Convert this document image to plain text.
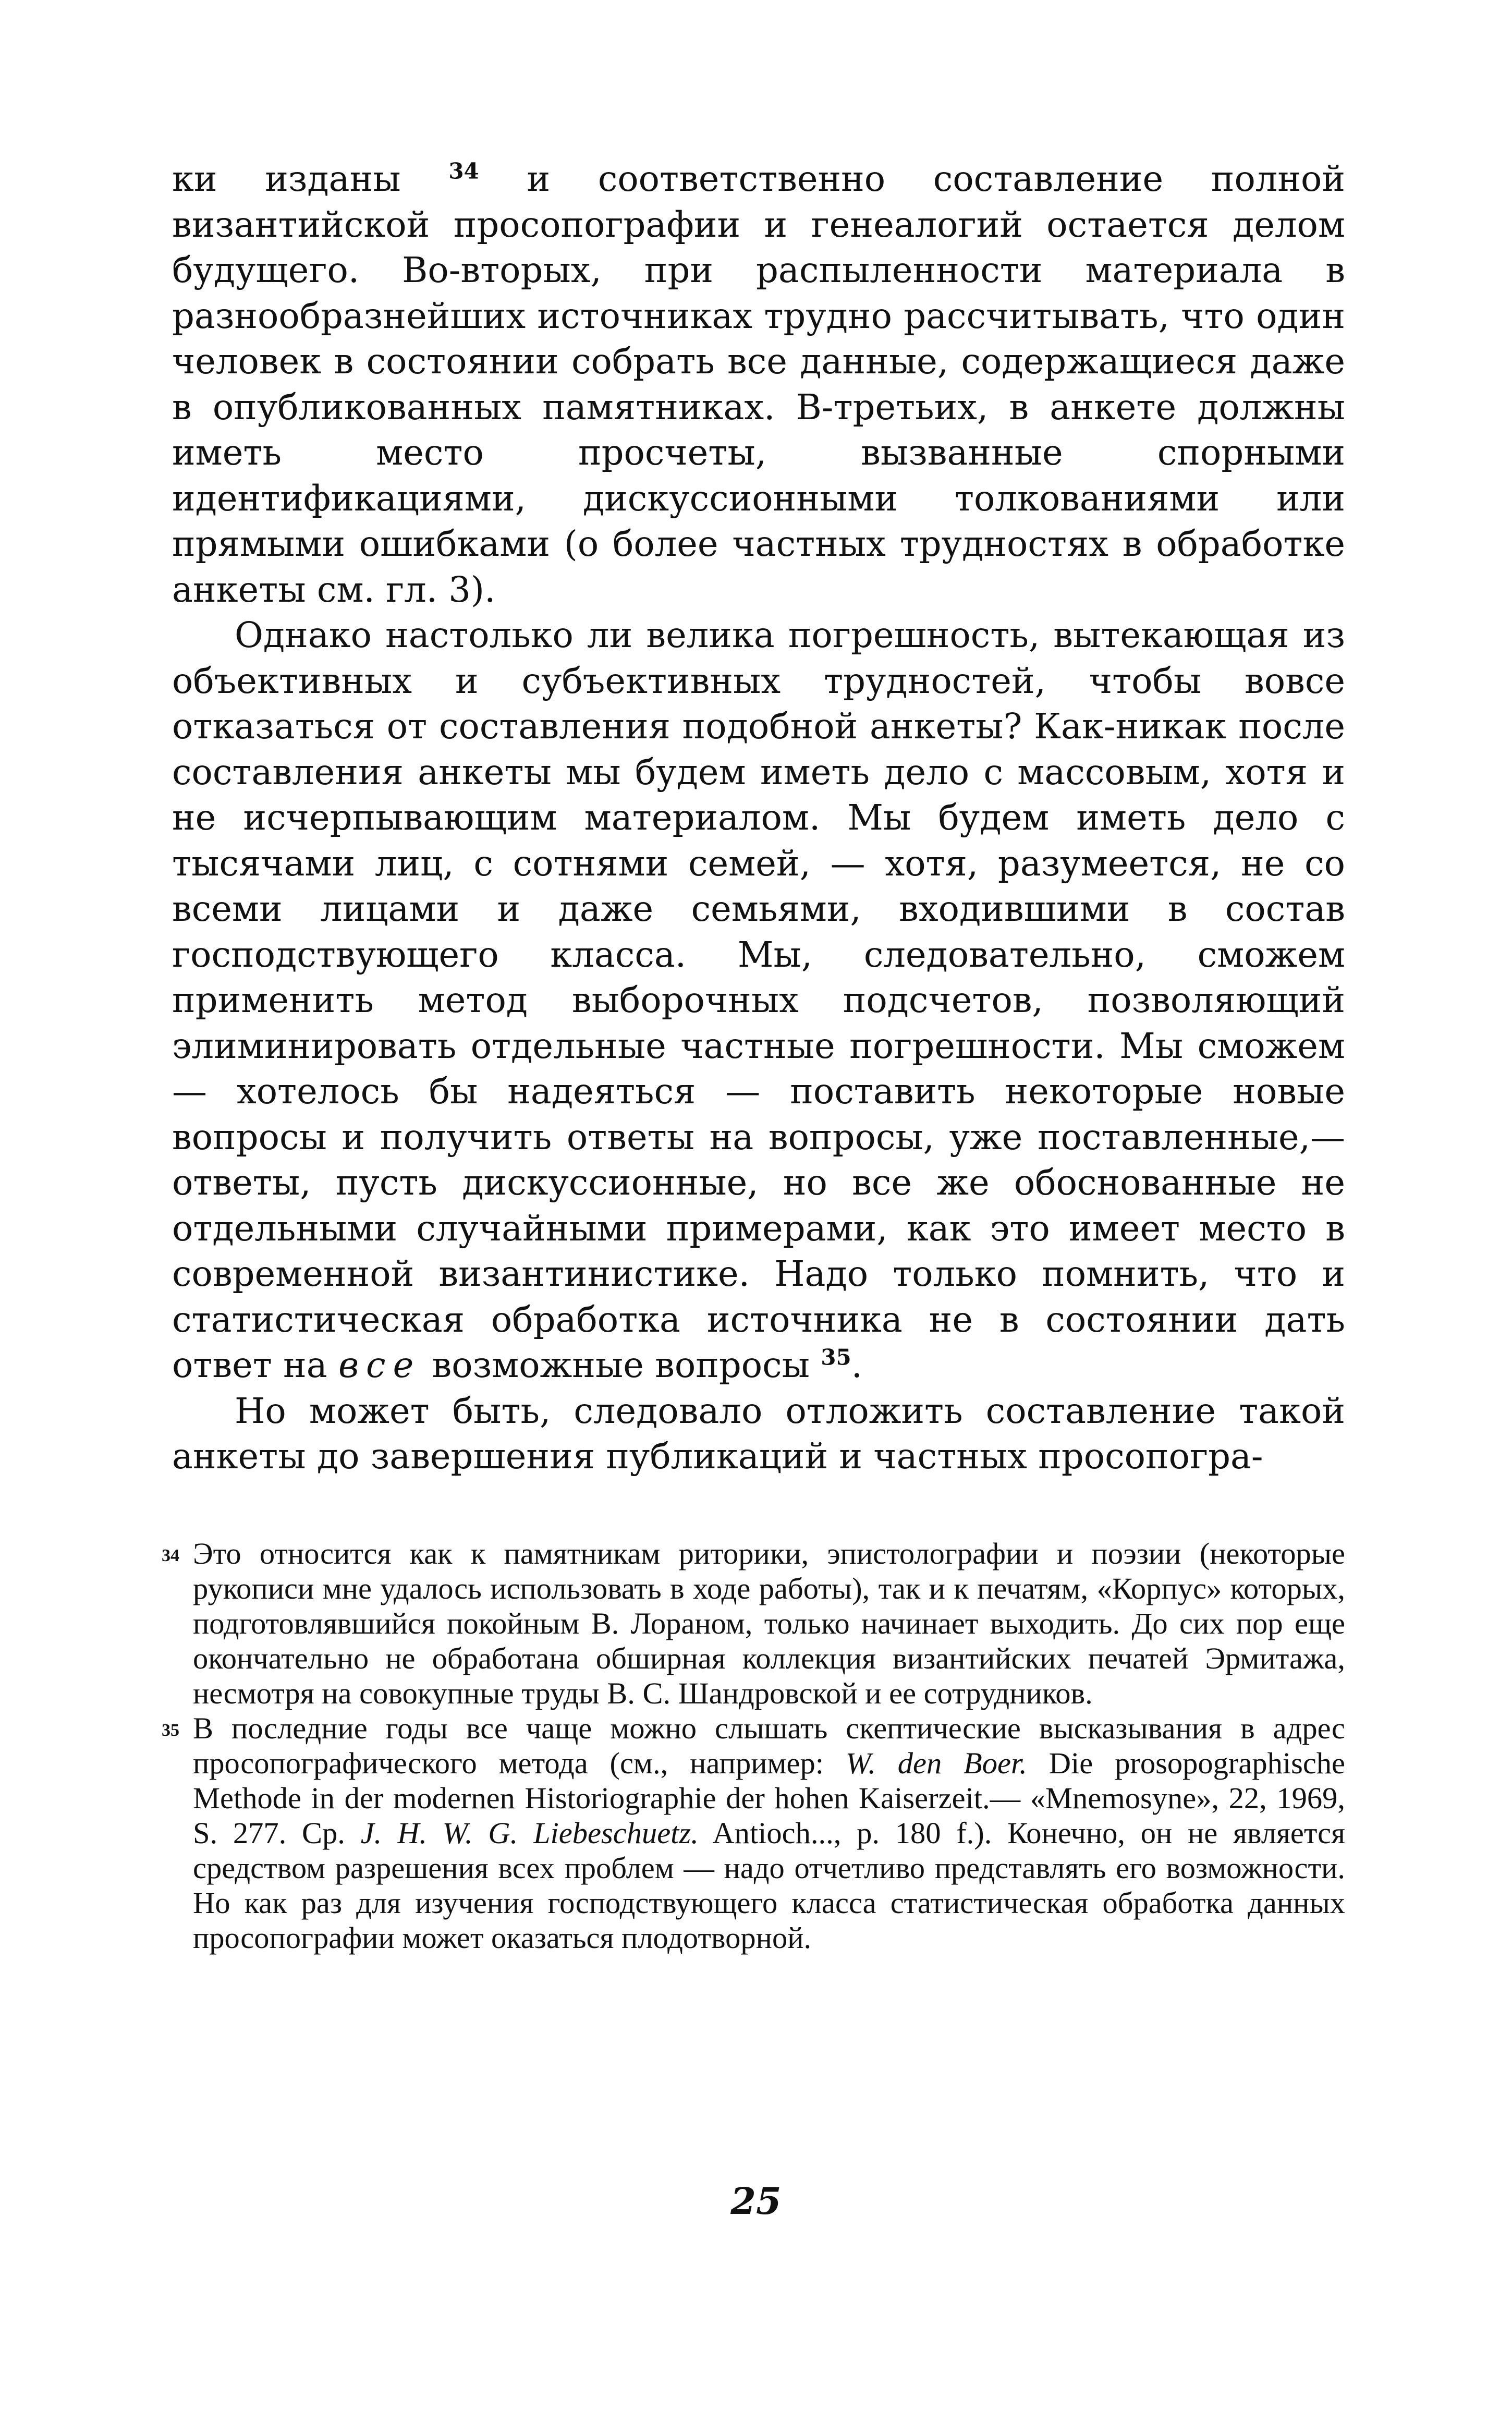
ки изданы $^{34}$ и соответственно составление полной византийской просопографии и генеалогий остается делом будущего. Во-вторых, при распыленности материала в разнообразнейших источниках трудно рассчитывать, что один человек в состоянии собрать все данные, содержащиеся даже в опубликованных памятниках. В-третьих, в анкете должны иметь место просчеты, вызванные спорными идентификациями, дискуссионными толкованиями или прямыми ошибками (о более частных трудностях в обработке анкеты см. гл. 3).

Однако настолько ли велика погрешность, вытекающая из объективных и субъективных трудностей, чтобы вовсе отказаться от составления подобной анкеты? Как-никак после составления анкеты мы будем иметь дело с массовым, хотя и не исчерпывающим материалом. Мы будем иметь дело с тысячами лиц, с сотнями семей, — хотя, разумеется, не со всеми лицами и даже семьями, входившими в состав господствующего класса. Мы, следовательно, сможем применить метод выборочных подсчетов, позволяющий элиминировать отдельные частные погрешности. Мы сможем — хотелось бы надеяться — поставить некоторые новые вопросы и получить ответы на вопросы, уже поставленные,— ответы, пусть дискуссионные, но все же обоснованные не отдельными случайными примерами, как это имеет место в современной византинистике. Надо только помнить, что и статистическая обработка источника не в состоянии дать ответ на все возможные вопросы $^{35}$.

Но может быть, следовало отложить составление такой анкеты до завершения публикаций и частных просопогра-

34 Это относится как к памятникам риторики, эпистолографии и поэзии (некоторые рукописи мне удалось использовать в ходе работы), так и к печатям, «Корпус» которых, подготовлявшийся покойным В. Лораном, только начинает выходить. До сих пор еще окончательно не обработана обширная коллекция византийских печатей Эрмитажа, несмотря на совокупные труды В. С. Шандровской и ее сотрудников.
35 В последние годы все чаще можно слышать скептические высказывания в адрес просопографического метода (см., например: W. den Boer. Die prosopographische Methode in der modernen Historiographie der hohen Kaiserzeit.— «Mnemosyne», 22, 1969, S. 277. Ср. J. H. W. G. Liebeschuetz. Antioch..., p. 180 f.). Конечно, он не является средством разрешения всех проблем — надо отчетливо представлять его возможности. Но как раз для изучения господствующего класса статистическая обработка данных просопографии может оказаться плодотворной.
25
